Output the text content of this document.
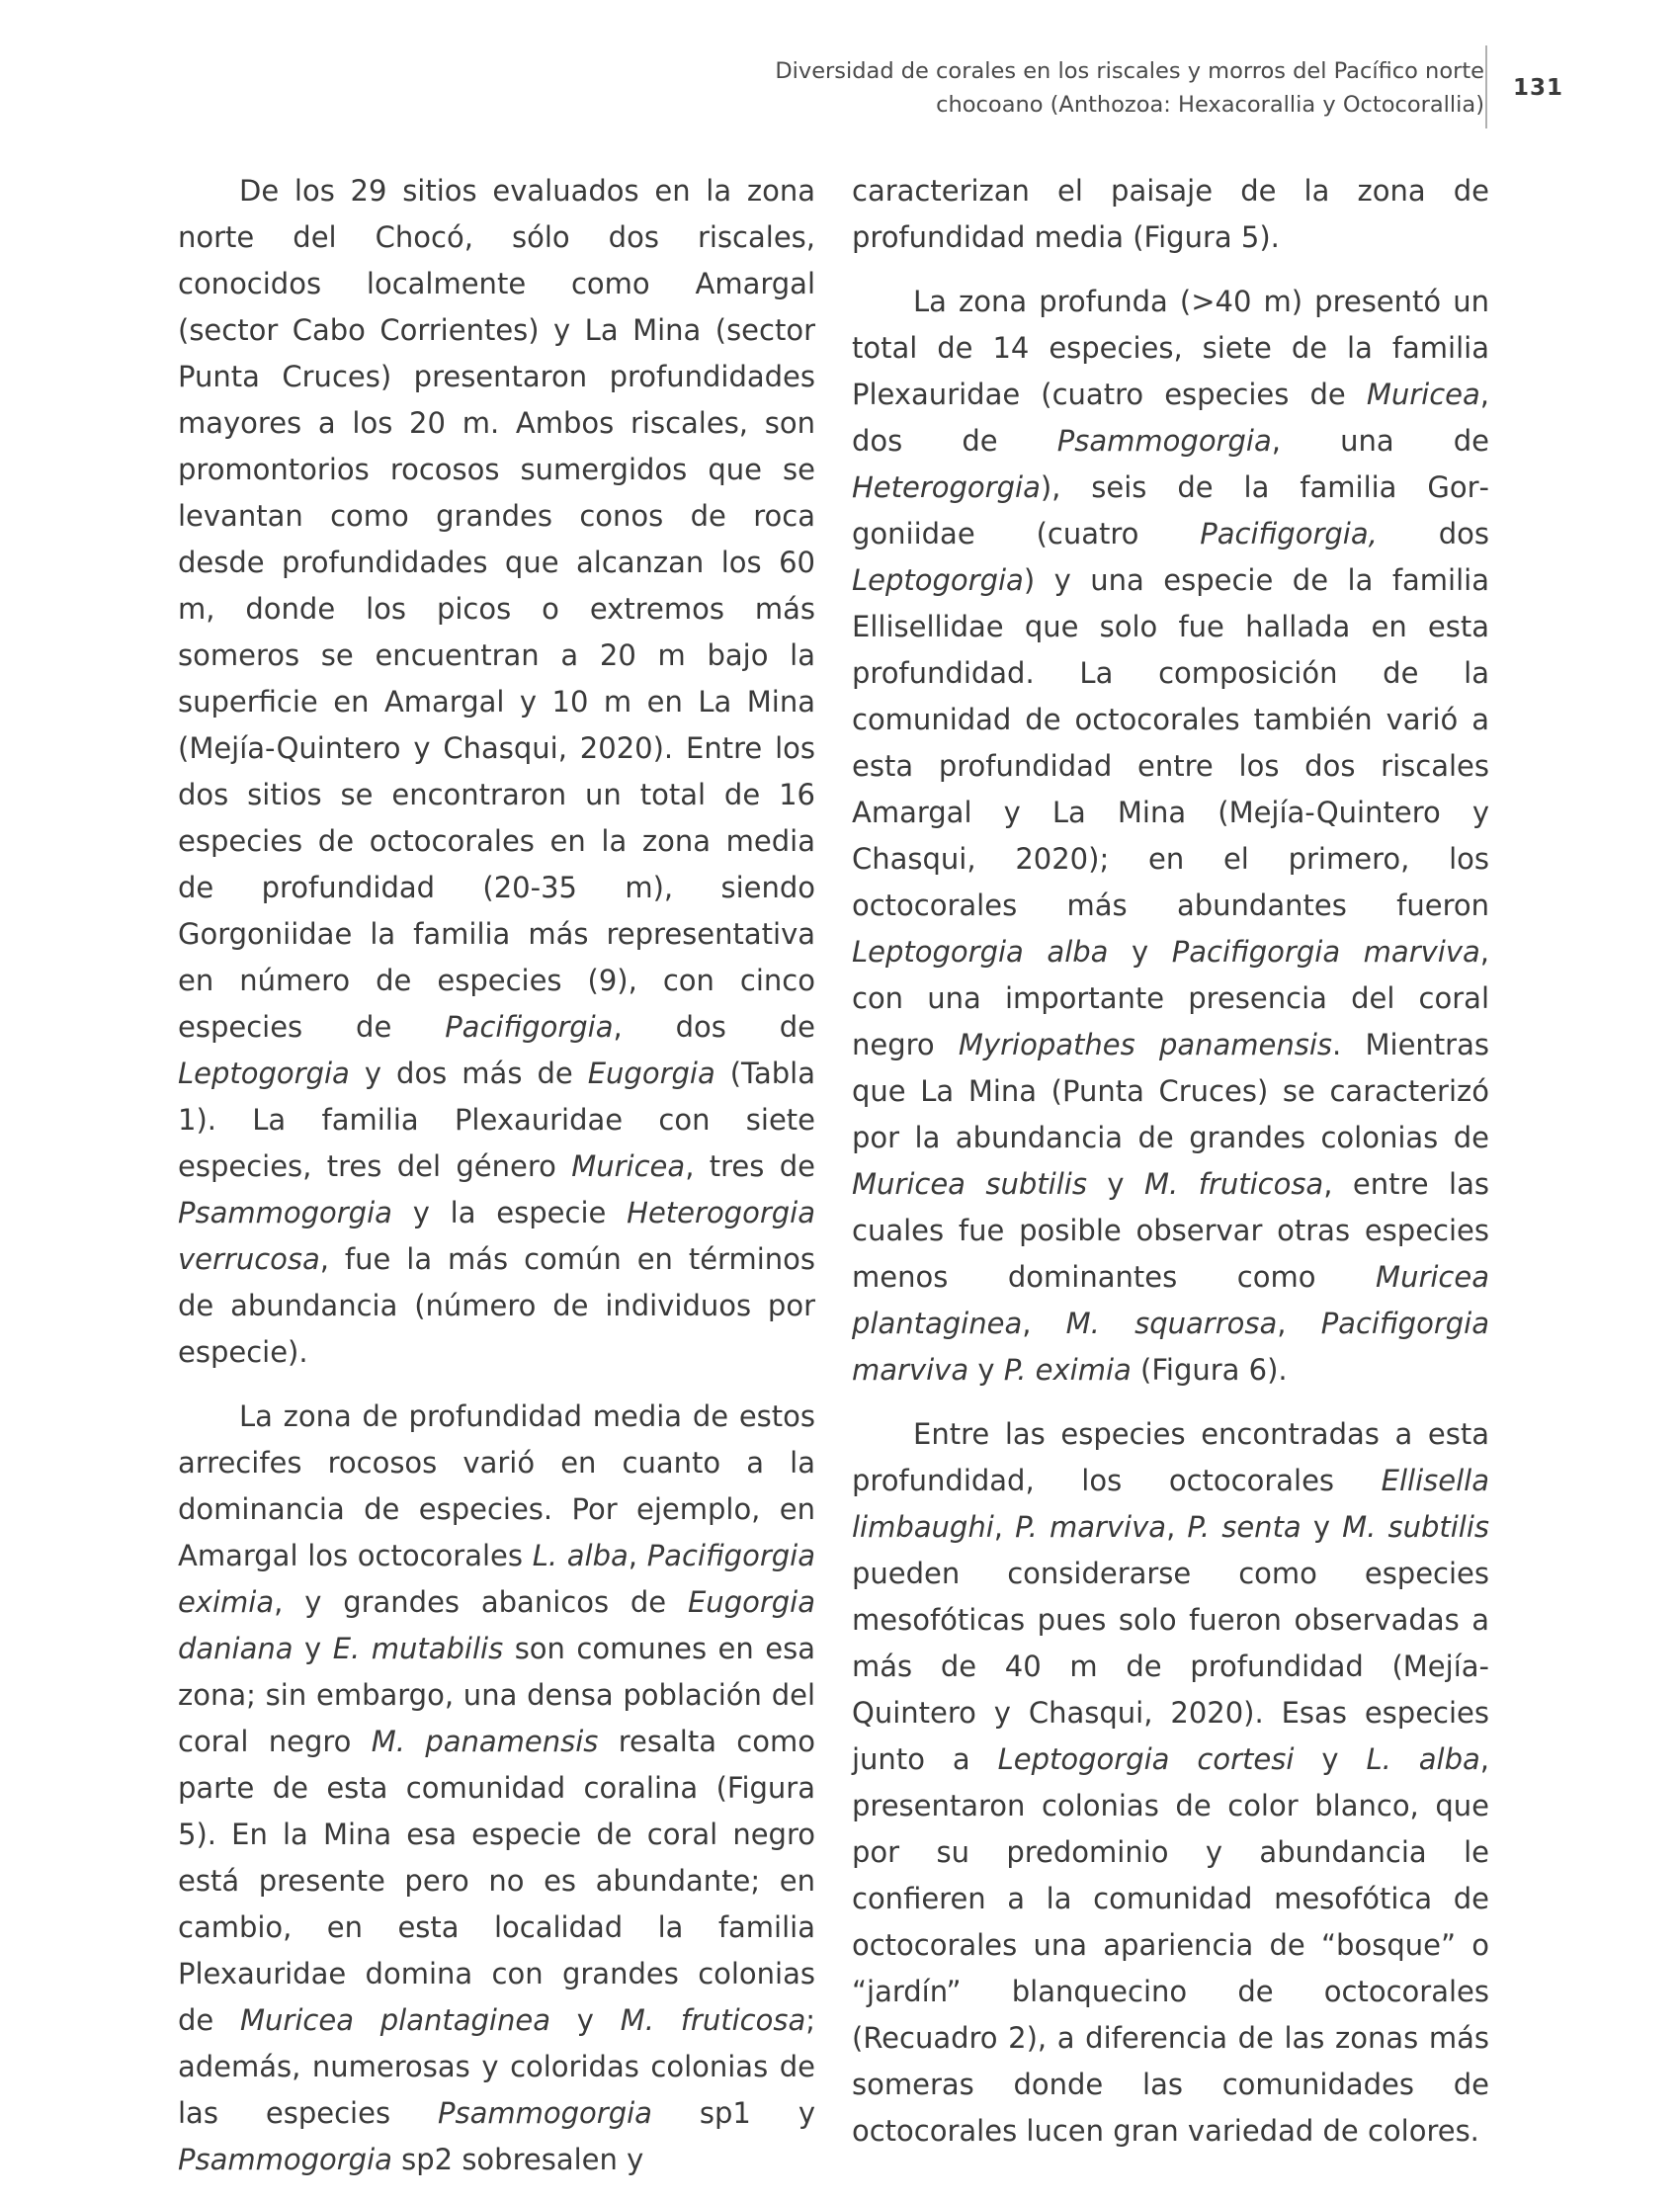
Diversidad de corales en los riscales y morros del Pacífico norte
chocoano (Anthozoa: Hexacorallia y Octocorallia)
131

De los 29 sitios evaluados en la zona norte del Chocó, sólo dos riscales, conocidos localmente como Amargal (sector Cabo Corrientes) y La Mina (sector Punta Cruces) presentaron profundidades mayores a los 20 m. Ambos riscales, son promontorios rocosos sumergidos que se levantan como grandes conos de roca desde profundidades que alcanzan los 60 m, donde los picos o extremos más someros se encuentran a 20 m bajo la superficie en Amargal y 10 m en La Mina (Mejía-Quintero y Chasqui, 2020). Entre los dos sitios se encontraron un total de 16 especies de octocorales en la zona media de profundidad (20-35 m), siendo Gorgoniidae la familia más representativa en número de especies (9), con cinco especies de Pacifigorgia, dos de Leptogorgia y dos más de Eugorgia (Tabla 1). La familia Plexauridae con siete especies, tres del género Muricea, tres de Psammogorgia y la especie Heterogorgia verrucosa, fue la más común en términos de abundancia (número de individuos por especie).

La zona de profundidad media de estos arrecifes rocosos varió en cuanto a la dominancia de especies. Por ejemplo, en Amargal los octocorales L. alba, Pacifigorgia eximia, y grandes abanicos de Eugorgia daniana y E. mutabilis son comunes en esa zona; sin embargo, una densa población del coral negro M. panamensis resalta como parte de esta comunidad coralina (Figura 5). En la Mina esa especie de coral negro está presente pero no es abundante; en cambio, en esta localidad la familia Plexauridae domina con grandes colonias de Muricea plantaginea y M. fruticosa; además, numerosas y coloridas colonias de las especies Psammogorgia sp1 y Psammogorgia sp2 sobresalen y

caracterizan el paisaje de la zona de profundidad media (Figura 5).

La zona profunda (>40 m) presentó un total de 14 especies, siete de la familia Plexauridae (cuatro especies de Muricea, dos de Psammogorgia, una de Heterogorgia), seis de la familia Gorgoniidae (cuatro Pacifigorgia, dos Leptogorgia) y una especie de la familia Ellisellidae que solo fue hallada en esta profundidad. La composición de la comunidad de octocorales también varió a esta profundidad entre los dos riscales Amargal y La Mina (Mejía-Quintero y Chasqui, 2020); en el primero, los octocorales más abundantes fueron Leptogorgia alba y Pacifigorgia marviva, con una importante presencia del coral negro Myriopathes panamensis. Mientras que La Mina (Punta Cruces) se caracterizó por la abundancia de grandes colonias de Muricea subtilis y M. fruticosa, entre las cuales fue posible observar otras especies menos dominantes como Muricea plantaginea, M. squarrosa, Pacifigorgia marviva y P. eximia (Figura 6).

Entre las especies encontradas a esta profundidad, los octocorales Ellisella limbaughi, P. marviva, P. senta y M. subtilis pueden considerarse como especies mesofóticas pues solo fueron observadas a más de 40 m de profundidad (Mejía-Quintero y Chasqui, 2020). Esas especies junto a Leptogorgia cortesi y L. alba, presentaron colonias de color blanco, que por su predominio y abundancia le confieren a la comunidad mesofótica de octocorales una apariencia de “bosque” o “jardín” blanquecino de octocorales (Recuadro 2), a diferencia de las zonas más someras donde las comunidades de octocorales lucen gran variedad de colores.
